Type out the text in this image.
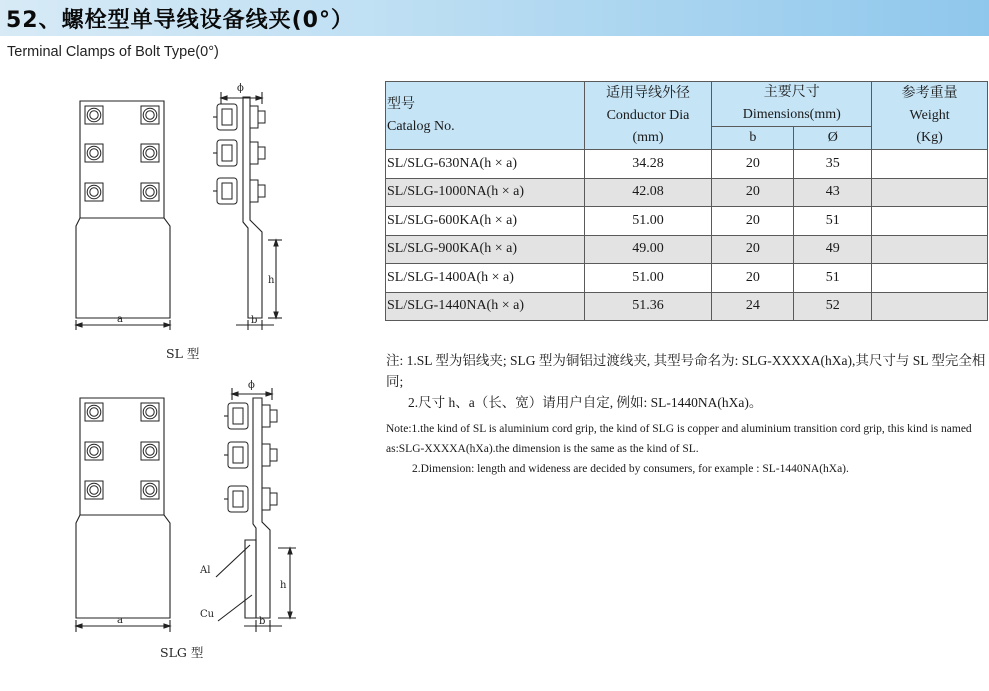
52、螺栓型单导线设备线夹(0°）
Terminal Clamps of Bolt Type(0°)
a
ϕ
h
b
a
ϕ
h
b
Al
Cu
SL 型
SLG 型
型号
Catalog No.	适用导线外径
Conductor Dia
(mm)	主要尺寸
Dimensions(mm)		参考重量
Weight
(Kg)

		b	Ø	
SL/SLG-630NA(h × a)	34.28	20	35	
SL/SLG-1000NA(h × a)	42.08	20	43	
SL/SLG-600KA(h × a)	51.00	20	51	
SL/SLG-900KA(h × a)	49.00	20	49	
SL/SLG-1400A(h × a)	51.00	20	51	
SL/SLG-1440NA(h × a)	51.36	24	52	
注: 1.SL 型为铝线夹; SLG 型为铜铝过渡线夹, 其型号命名为: SLG-XXXXA(hXa),其尺寸与 SL 型完全相同;
2.尺寸 h、a（长、宽）请用户自定, 例如: SL-1440NA(hXa)。
Note:1.the kind of SL is aluminium cord grip, the kind of SLG is copper and aluminium transition cord grip, this kind is named as:SLG-XXXXA(hXa).the dimension is the same as the kind of SL.
2.Dimension: length and wideness are decided by consumers, for example : SL-1440NA(hXa).
